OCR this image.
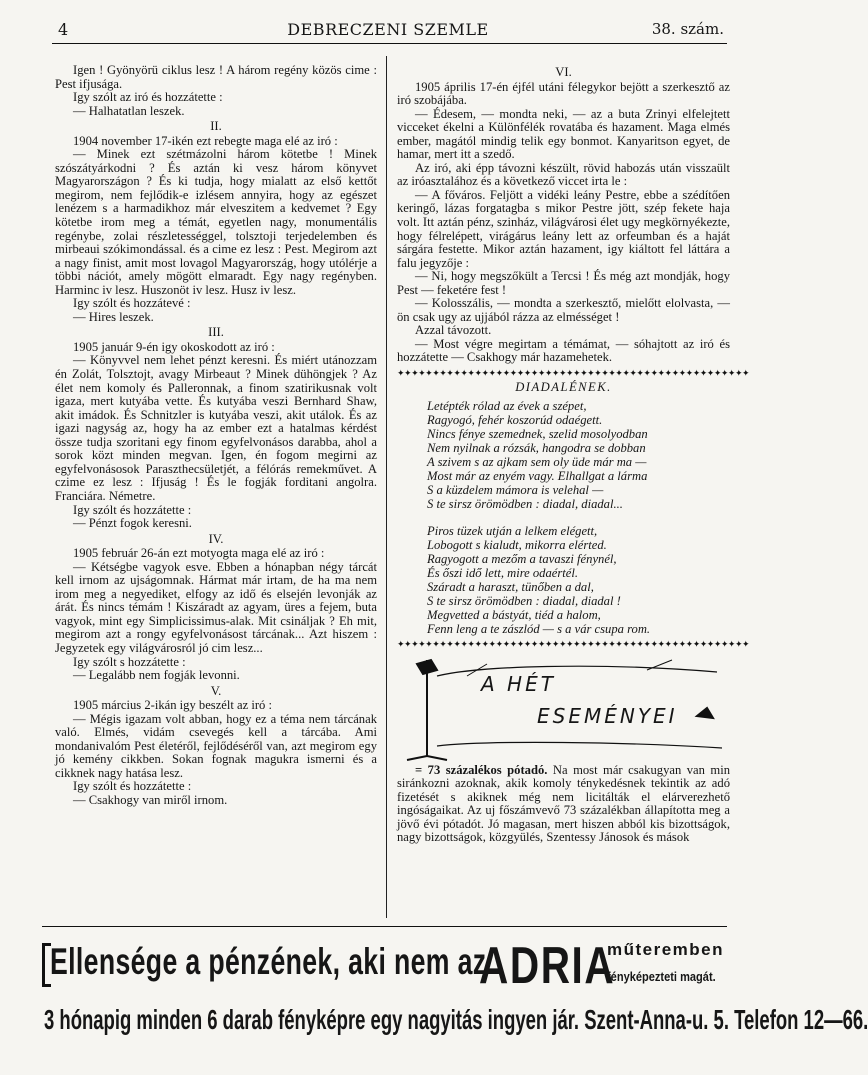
4	DEBRECZENI SZEMLE	38. szám.

Igen ! Gyönyörü ciklus lesz ! A három regény közös cime : Pest ifjusága.

Igy szólt az iró és hozzátette :

— Halhatatlan leszek.

II.

1904 november 17-ikén ezt rebegte maga elé az iró :

— Minek ezt szétmázolni három kötetbe ! Minek szószátyárkodni ? És aztán ki vesz három könyvet Magyarországon ? És ki tudja, hogy mialatt az első kettőt megirom, nem fejlődik-e izlésem annyira, hogy az egészet lenézem s a harmadikhoz már elveszitem a kedvemet ? Egy kötetbe irom meg a témát, egyetlen nagy, monumentális regénybe, zolai részletességgel, tolsztoji terjedelemben és mirbeaui szókimondással. és a cime ez lesz : Pest. Megirom azt a nagy finist, amit most lovagol Magyarország, hogy utólérje a többi nációt, amely mögött elmaradt. Egy nagy regényben. Harminc iv lesz. Huszonöt iv lesz. Husz iv lesz.

Igy szólt és hozzátevé :

— Hires leszek.

III.

1905 január 9-én igy okoskodott az iró :

— Könyvvel nem lehet pénzt keresni. És miért utánozzam én Zolát, Tolsztojt, avagy Mirbeaut ? Minek dühöngjek ? Az élet nem komoly és Palleronnak, a finom szatirikusnak volt igaza, mert kutyába vette. És kutyába veszi Bernhard Shaw, akit imádok. És Schnitzler is kutyába veszi, akit utálok. És az igazi nagyság az, hogy ha az ember ezt a hatalmas kérdést össze tudja szoritani egy finom egyfelvonásos darabba, ahol a sorok közt minden megvan. Igen, én fogom megirni az egyfelvonásosok Paraszthecsületjét, a félórás remekművet. A czime ez lesz : Ifjuság ! És le fogják forditani angolra. Franciára. Németre.

Igy szólt és hozzátette :

— Pénzt fogok keresni.

IV.

1905 február 26-án ezt motyogta maga elé az iró :

— Kétségbe vagyok esve. Ebben a hónapban négy tárcát kell irnom az ujságomnak. Hármat már irtam, de ha ma nem irom meg a negyediket, elfogy az idő és elsején levonják az árát. És nincs témám ! Kiszáradt az agyam, üres a fejem, buta vagyok, mint egy Simplicissimus-alak. Mit csináljak ? Eh mit, megirom azt a rongy egyfelvonásost tárcának... Azt hiszem : Jegyzetek egy világvárosról jó cim lesz...

Igy szólt s hozzátette :

— Legalább nem fogják levonni.

V.

1905 március 2-ikán igy beszélt az iró :

— Mégis igazam volt abban, hogy ez a téma nem tárcának való. Elmés, vidám csevegés kell a tárcába. Ami mondanivalóm Pest életéről, fejlődéséről van, azt megirom egy jó kemény cikkben. Sokan fognak magukra ismerni és a cikknek nagy hatása lesz.

Igy szólt és hozzátette :

— Csakhogy van miről irnom.

VI.

1905 április 17-én éjfél utáni félegykor bejött a szerkesztő az iró szobájába.

— Édesem, — mondta neki, — az a buta Zrinyi elfelejtett vicceket ékelni a Különfélék rovatába és hazament. Maga elmés ember, magától mindig telik egy bonmot. Kanyaritson egyet, de hamar, mert itt a szedő.

Az iró, aki épp távozni készült, rövid habozás után visszaült az iróasztalához és a következő viccet irta le :

— A főváros. Feljött a vidéki leány Pestre, ebbe a szédítően keringő, lázas forgatagba s mikor Pestre jött, szép fekete haja volt. Itt aztán pénz, szinház, világvárosi élet ugy megkörnyékezte, hogy félrelépett, virágárus leány lett az orfeumban és a haját sárgára festette. Mikor aztán hazament, igy kiáltott fel láttára a falu jegyzője :

— Ni, hogy megszőkült a Tercsi ! És még azt mondják, hogy Pest — feketére fest !

— Kolosszális, — mondta a szerkesztő, mielőtt elolvasta, — ön csak ugy az ujjából rázza az elmésséget !

Azzal távozott.

— Most végre megirtam a témámat, — sóhajtott az iró és hozzátette — Csakhogy már hazamehetek.

✦✦✦✦✦✦✦✦✦✦✦✦✦✦✦✦✦✦✦✦✦✦✦✦✦✦✦✦✦✦✦✦✦✦✦✦✦✦✦✦✦✦✦✦✦✦✦✦✦✦
DIADALÉNEK.
Letépték rólad az évek a szépet,
Ragyogó, fehér koszorúd odaégett.
Nincs fénye szemednek, szelid mosolyodban
Nem nyilnak a rózsák, hangodra se dobban
A szivem s az ajkam sem oly üde már ma —
Most már az enyém vagy. Elhallgat a lárma
S a küzdelem mámora is velehal —
S te sirsz örömödben : diadal, diadal...
Piros tüzek utján a lelkem elégett,
Lobogott s kialudt, mikorra elérted.
Ragyogott a mezőm a tavaszi fénynél,
És őszi idő lett, mire odaértél.
Száradt a haraszt, tünőben a dal,
S te sirsz örömödben : diadal, diadal !
Megvetted a bástyát, tiéd a halom,
Fenn leng a te zászlód — s a vár csupa rom.
✦✦✦✦✦✦✦✦✦✦✦✦✦✦✦✦✦✦✦✦✦✦✦✦✦✦✦✦✦✦✦✦✦✦✦✦✦✦✦✦✦✦✦✦✦✦✦✦✦✦
A HÉT
ESEMÉNYEI

= 73 százalékos pótadó. Na most már csakugyan van min siránkozni azoknak, akik komoly ténykedésnek tekintik az adó fizetését s akiknek még nem licitálták el elárverezhető ingóságaikat. Az uj főszámvevő 73 százalékban állapította meg a jövő évi pótadót. Jó magasan, mert hiszen abból kis bizottságok, nagy bizottságok, közgyülés, Szentessy Jánosok és mások

Ellensége a pénzének, aki nem az
ADRIA
műteremben
fényképezteti magát.
3 hónapig minden 6 darab fényképre egy nagyitás ingyen jár. Szent-Anna-u. 5. Telefon 12—66.
